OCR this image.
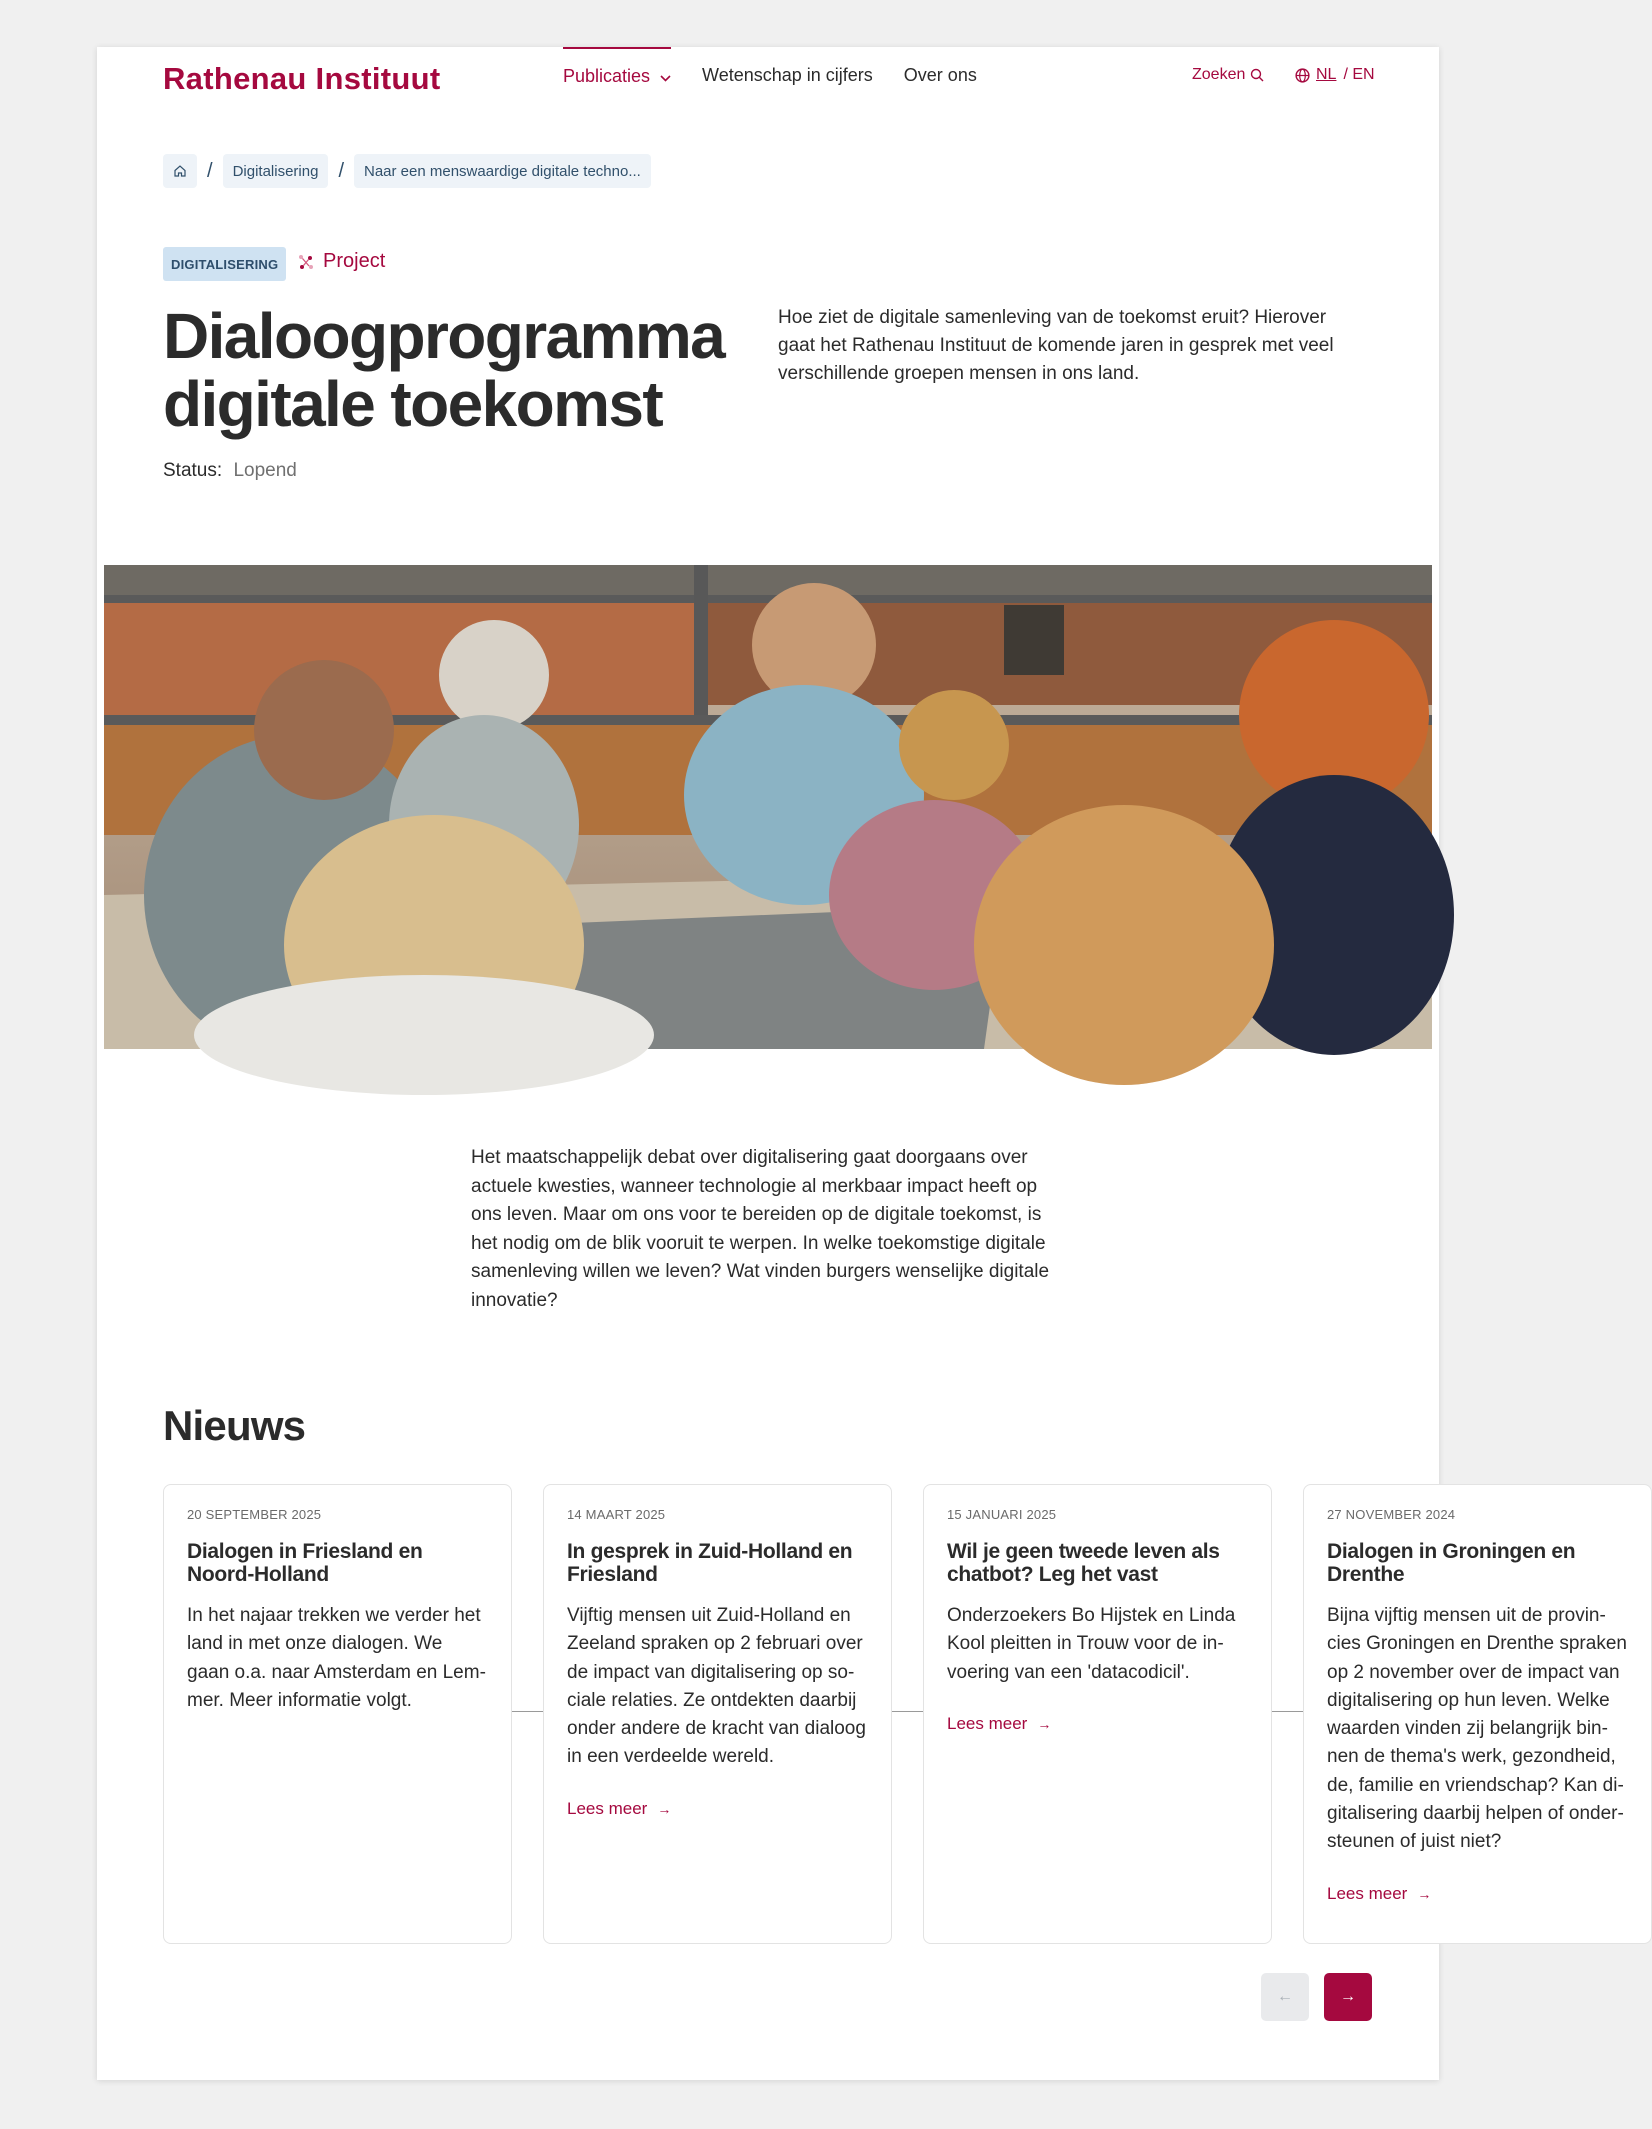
Rathenau Instituut	Publicaties	Wetenschap in cijfers Over ons	Zoeken	NL / EN
/	Digitalisering	/	Naar een menswaardige digitale techno...
DIGITALISERING	Project
Dialoogprogramma digitale toekomst
Status: Lopend

Hoe ziet de digitale samenleving van de toekomst eruit? Hierover gaat het Rathenau Instituut de komende jaren in gesprek met veel verschillende groepen mensen in ons land.

Het maatschappelijk debat over digitalisering gaat doorgaans over actuele kwesties, wanneer technologie al merkbaar impact heeft op ons leven. Maar om ons voor te bereiden op de digitale toekomst, is het nodig om de blik vooruit te werpen. In welke toekomstige digitale samenleving willen we leven? Wat vinden burgers wenselijke digitale innovatie?

Nieuws
20 SEPTEMBER 2025
Dialogen in Friesland en Noord-Holland

In het najaar trekken we verder het land in met onze dialogen. We gaan o.a. naar Amsterdam en Lemmer. Meer informatie volgt.

14 MAART 2025
In gesprek in Zuid-Holland en Friesland

Vijftig mensen uit Zuid-Holland en Zeeland spraken op 2 februari over de impact van digitalisering op sociale relaties. Ze ontdekten daarbij onder andere de kracht van dialoog in een verdeelde wereld.

Lees meer →
15 JANUARI 2025
Wil je geen tweede leven als chatbot? Leg het vast

Onderzoekers Bo Hijstek en Linda Kool pleitten in Trouw voor de invoering van een 'datacodicil'.

Lees meer →
27 NOVEMBER 2024
Dialogen in Groningen en Drenthe

Bijna vijftig mensen uit de provincies Groningen en Drenthe spraken op 2 november over de impact van digitalisering op hun leven. Welke waarden vinden zij belangrijk binnen de thema's werk, gezondheid, de, familie en vriendschap? Kan digitalisering daarbij helpen of ondersteunen of juist niet?

Lees meer →
←	→
